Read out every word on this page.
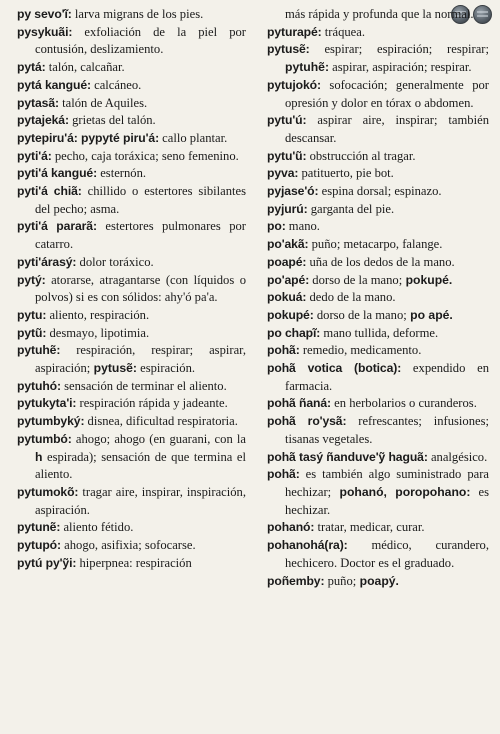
py sevo'ĩ: larva migrans de los pies.

pysykuãi: exfoliación de la piel por contusión, deslizamiento.

pytá: talón, calcañar.

pytá kangué: calcáneo.

pytasã: talón de Aquiles.

pytajeká: grietas del talón.

pytepiru'á: pypyté piru'á: callo plantar.

pyti'á: pecho, caja toráxica; seno femenino.

pyti'á kangué: esternón.

pyti'á chiã: chillido o estertores sibilantes del pecho; asma.

pyti'á pararã: estertores pulmonares por catarro.

pyti'árasý: dolor toráxico.

pytý: atorarse, atragantarse (con líquidos o polvos) si es con sólidos: ahy'ó pa'a.

pytu: aliento, respiración.

pytũ: desmayo, lipotimia.

pytuhẽ: respiración, respirar; aspirar, aspiración; pytusẽ: espiración.

pytuhó: sensación de terminar el aliento.

pytukyta'i: respiración rápida y jadeante.

pytumbyký: disnea, dificultad respiratoria.

pytumbó: ahogo; ahogo (en guarani, con la h espirada); sensación de que termina el aliento.

pytumokõ: tragar aire, inspirar, inspiración, aspiración.

pytunẽ: aliento fétido.

pytupó: ahogo, asifixia; sofocarse.

pytú py'ỹi: hiperpnea: respiración

más rápida y profunda que la normal.

pyturapé: tráquea.

pytusẽ: espirar; espiración; respirar; pytuhẽ: aspirar, aspiración; respirar.

pytujokó: sofocación; generalmente por opresión y dolor en tórax o abdomen.

pytu'ú: aspirar aire, inspirar; también descansar.

pytu'ũ: obstrucción al tragar.

pyva: patituerto, pie bot.

pyjase'ó: espina dorsal; espinazo.

pyjurú: garganta del pie.

po: mano.

po'akã: puño; metacarpo, falange.

poapé: uña de los dedos de la mano.

po'apé: dorso de la mano; pokupé.

pokuá: dedo de la mano.

pokupé: dorso de la mano; po apé.

po chapĩ: mano tullida, deforme.

pohã: remedio, medicamento.

pohã votica (botica): expendido en farmacia.

pohã ñaná: en herbolarios o curanderos.

pohã ro'ysã: refrescantes; infusiones; tisanas vegetales.

pohã tasý ñanduve'ỹ haguã: analgésico.

pohã: es también algo suministrado para hechizar; pohanó, poropohano: es hechizar.

pohanó: tratar, medicar, curar.

pohanohá(ra): médico, curandero, hechicero. Doctor es el graduado.

poñemby: puño; poapý.
